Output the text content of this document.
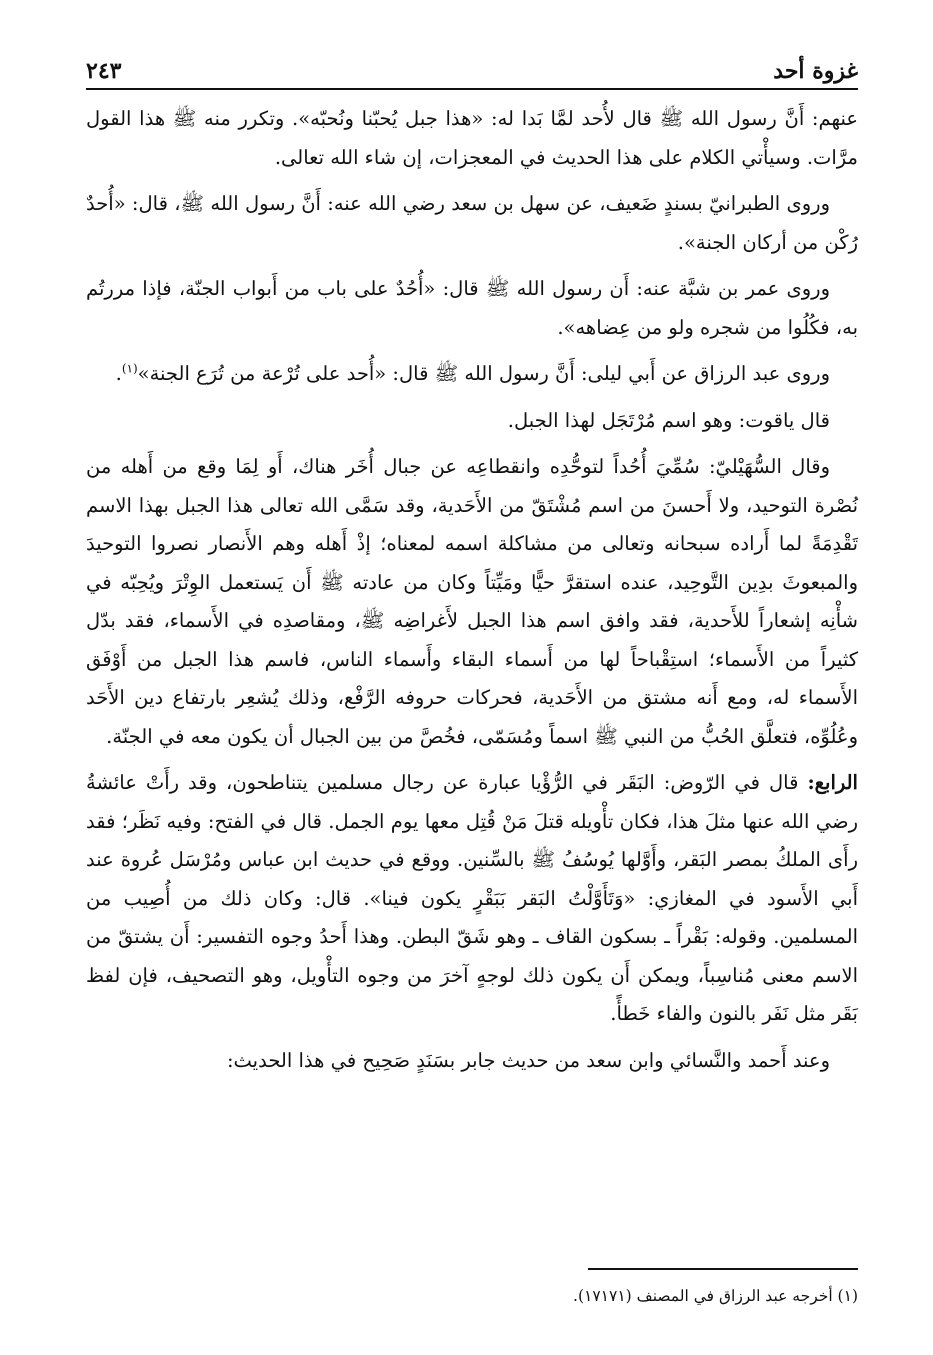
غزوة أحد
٢٤٣

عنهم: أَنَّ رسول الله ﷺ قال لأُحد لمَّا بَدا له: «هذا جبل يُحبّنا ونُحبّه». وتكرر منه ﷺ هذا القول مرَّات. وسيأْتي الكلام على هذا الحديث في المعجزات، إن شاء الله تعالى.

وروى الطبرانيّ بسندٍ ضَعيف، عن سهل بن سعد رضي الله عنه: أَنَّ رسول الله ﷺ، قال: «أُحدٌ رُكْن من أركان الجنة».

وروى عمر بن شبَّة عنه: أَن رسول الله ﷺ قال: «أُحُدٌ على باب من أَبواب الجنّة، فإذا مررتُم به، فكُلُوا من شجره ولو من عِضاهه».

وروى عبد الرزاق عن أَبي ليلى: أَنَّ رسول الله ﷺ قال: «أُحد على تُرْعة من تُرَع الجنة»$^{(١)}$.

قال ياقوت: وهو اسم مُرْتَجَل لهذا الجبل.

وقال السُّهَيْليّ: سُمِّيَ أُحُداً لتوحُّدِه وانقطاعِه عن جبال أُخَر هناك، أَو لِمَا وقع من أَهله من نُصْرة التوحيد، ولا أَحسنَ من اسم مُشْتَقّ من الأَحَدية، وقد سَمَّى الله تعالى هذا الجبل بهذا الاسم تَقْدِمَةً لما أَراده سبحانه وتعالى من مشاكلة اسمه لمعناه؛ إذْ أَهله وهم الأَنصار نصروا التوحيدَ والمبعوثَ بدِين التَّوحِيد، عنده استقرَّ حيًّا ومَيِّتاً وكان من عادته ﷺ أَن يَستعمل الوِتْرَ ويُحِبّه في شأْنِه إشعاراً للأَحدية، فقد وافق اسم هذا الجبل لأَغراضِه ﷺ، ومقاصدِه في الأَسماء، فقد بدّل كثيراً من الأَسماء؛ استِقْباحاً لها من أَسماء البقاء وأَسماء الناس، فاسم هذا الجبل من أَوْفَق الأَسماء له، ومع أَنه مشتق من الأَحَدية، فحركات حروفه الرَّفْع، وذلك يُشعِر بارتفاع دين الأَحَد وعُلُوِّه، فتعلَّق الحُبُّ من النبي ﷺ اسماً ومُسَمّى، فخُصَّ من بين الجبال أن يكون معه في الجنّة.

الرابع: قال في الرّوض: البَقَر في الرُّؤْيا عبارة عن رجال مسلمين يتناطحون، وقد رأَتْ عائشةُ رضي الله عنها مثلَ هذا، فكان تأْويله قتلَ مَنْ قُتِل معها يوم الجمل. قال في الفتح: وفيه نَظَر؛ فقد رأَى الملكُ بمصر البَقر، وأَوَّلها يُوسُفُ ﷺ بالسِّنين. ووقع في حديث ابن عباس ومُرْسَل عُروة عند أَبي الأَسود في المغازي: «وَتَأَوَّلْتُ البَقر بَبَقْرٍ يكون فينا». قال: وكان ذلك من أُصِيب من المسلمين. وقوله: بَقْراً ـ بسكون القاف ـ وهو شَقّ البطن. وهذا أَحدُ وجوه التفسير: أَن يشتقّ من الاسم معنى مُناسِباً، ويمكن أَن يكون ذلك لوجهٍ آخرَ من وجوه التأْويل، وهو التصحيف، فإن لفظ بَقَر مثل نَفَر بالنون والفاء خَطأً.

وعند أَحمد والنَّسائي وابن سعد من حديث جابر بسَنَدٍ صَحِيح في هذا الحديث:

(١) أخرجه عبد الرزاق في المصنف (١٧١٧١).
